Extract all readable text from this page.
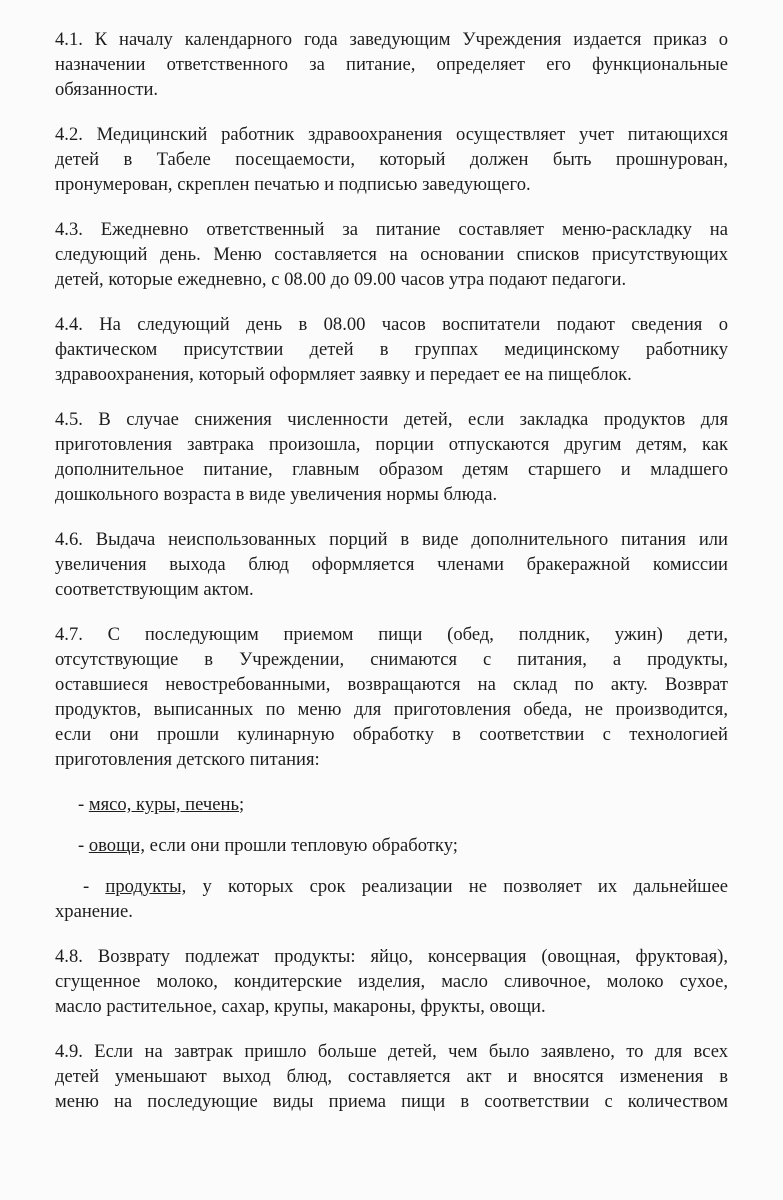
4.1. К началу календарного года заведующим Учреждения издается приказ о
назначении ответственного за питание, определяет его функциональные
обязанности.
4.2. Медицинский работник здравоохранения осуществляет учет питающихся
детей в Табеле посещаемости, который должен быть прошнурован,
пронумерован, скреплен печатью и подписью заведующего.
4.3. Ежедневно ответственный за питание составляет меню-раскладку на
следующий день. Меню составляется на основании списков присутствующих
детей, которые ежедневно, с 08.00 до 09.00 часов утра подают педагоги.
4.4. На следующий день в 08.00 часов воспитатели подают сведения о
фактическом присутствии детей в группах медицинскому работнику
здравоохранения, который оформляет заявку и передает ее на пищеблок.
4.5. В случае снижения численности детей, если закладка продуктов для
приготовления завтрака произошла, порции отпускаются другим детям, как
дополнительное питание, главным образом детям старшего и младшего
дошкольного возраста в виде увеличения нормы блюда.
4.6. Выдача неиспользованных порций в виде дополнительного питания или
увеличения выхода блюд оформляется членами бракеражной комиссии
соответствующим актом.
4.7. С последующим приемом пищи (обед, полдник, ужин) дети,
отсутствующие в Учреждении, снимаются с питания, а продукты,
оставшиеся невостребованными, возвращаются на склад по акту. Возврат
продуктов, выписанных по меню для приготовления обеда, не производится,
если они прошли кулинарную обработку в соответствии с технологией
приготовления детского питания:
- мясо, куры, печень;
- овощи, если они прошли тепловую обработку;
- продукты, у которых срок реализации не позволяет их дальнейшее
хранение.
4.8. Возврату подлежат продукты: яйцо, консервация (овощная, фруктовая),
сгущенное молоко, кондитерские изделия, масло сливочное, молоко сухое,
масло растительное, сахар, крупы, макароны, фрукты, овощи.
4.9. Если на завтрак пришло больше детей, чем было заявлено, то для всех
детей уменьшают выход блюд, составляется акт и вносятся изменения в
меню на последующие виды приема пищи в соответствии с количеством
